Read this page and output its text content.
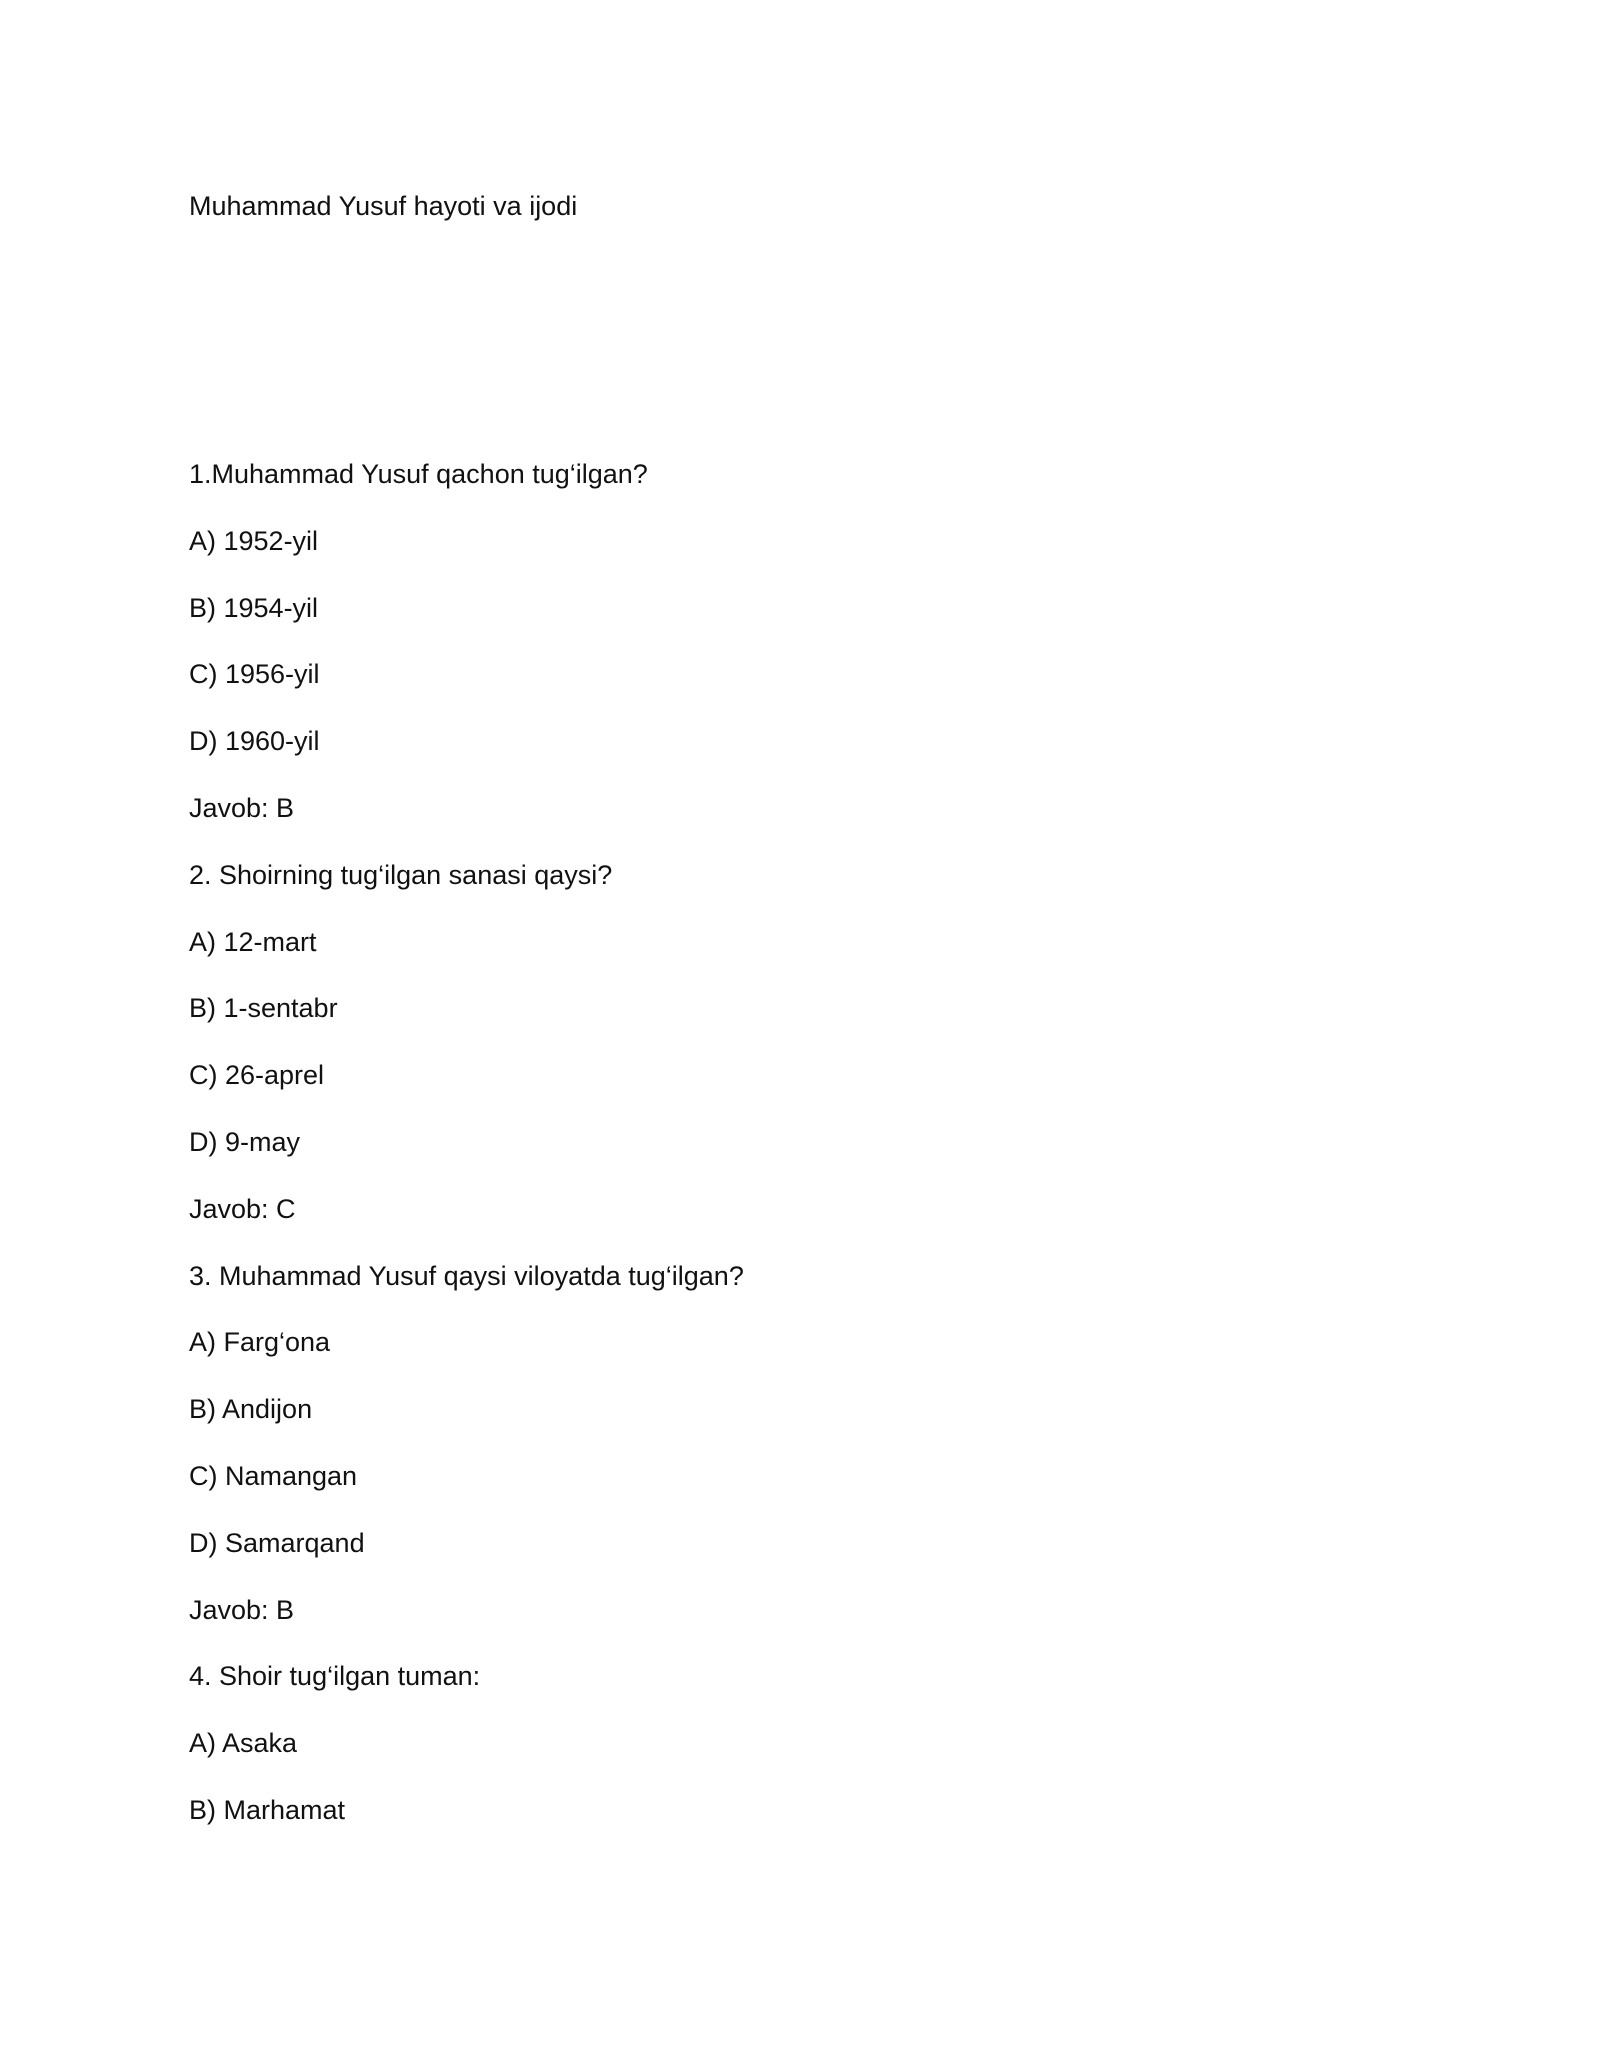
Muhammad Yusuf hayoti va ijodi
1.Muhammad Yusuf qachon tug‘ilgan?
A) 1952-yil
B) 1954-yil
C) 1956-yil
D) 1960-yil
Javob: B
2. Shoirning tug‘ilgan sanasi qaysi?
A) 12-mart
B) 1-sentabr
C) 26-aprel
D) 9-may
Javob: C
3. Muhammad Yusuf qaysi viloyatda tug‘ilgan?
A) Farg‘ona
B) Andijon
C) Namangan
D) Samarqand
Javob: B
4. Shoir tug‘ilgan tuman:
A) Asaka
B) Marhamat
